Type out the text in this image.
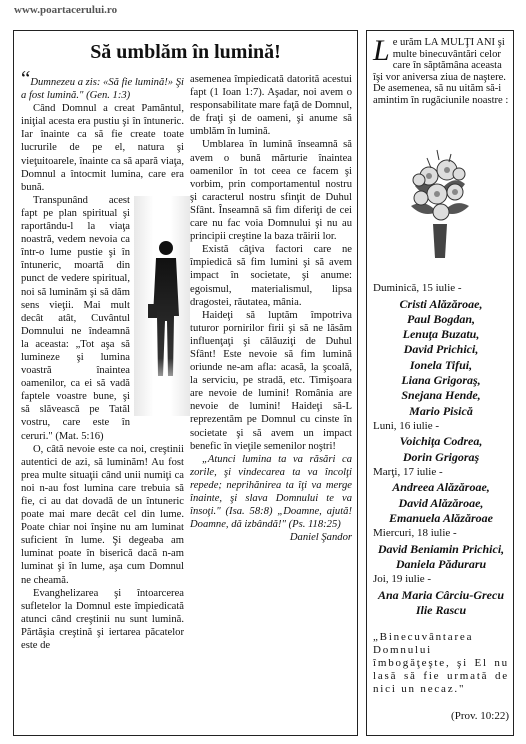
www.poartacerului.ro
Să umblăm în lumină!

“Dumnezeu a zis: «Să fie lumină!» Şi a fost lumină." (Gen. 1:3)

Când Domnul a creat Pamântul, iniţial acesta era pustiu şi în întuneric. Iar înainte ca să fie create toate lucrurile de pe el, natura şi vieţuitoarele, înainte ca să apară viaţa, Domnul a întocmit lumina, care era bună.

Transpunând acest fapt pe plan spiritual şi raportându-l la viaţa noastră, vedem nevoia ca într-o lume pustie şi în întuneric, moartă din punct de vedere spiritual, noi să luminăm şi să dăm sens vieţii. Mai mult decât atât, Cuvântul Domnului ne îndeamnă la aceasta: „Tot aşa să lumineze şi lumina voastră înaintea oamenilor, ca ei să vadă faptele voastre bune, şi să slăvească pe Tatăl vostru, care este în ceruri." (Mat. 5:16)

O, câtă nevoie este ca noi, creştinii autentici de azi, să luminăm! Au fost prea multe situaţii când unii numiţi ca noi n-au fost lumina care trebuia să fie, ci au dat dovadă de un întuneric poate mai mare decât cel din lume. Poate chiar noi înşine nu am luminat suficient în lume. Şi degeaba am luminat poate în biserică dacă n-am luminat şi în lume, aşa cum Domnul ne cheamă.

Evanghelizarea şi întoarcerea sufletelor la Domnul este împiedicată atunci când creştinii nu sunt lumină. Părtăşia creştină şi iertarea păcatelor este de

asemenea împiedicată datorită acestui fapt (1 Ioan 1:7). Aşadar, noi avem o responsabilitate mare faţă de Domnul, de fraţi şi de oameni, şi anume să umblăm în lumină.

Umblarea în lumină înseamnă să avem o bună mărturie înaintea oamenilor în tot ceea ce facem şi vorbim, prin comportamentul nostru şi caracterul nostru sfinţit de Duhul Sfânt. Înseamnă să fim diferiţi de cei care nu fac voia Domnului şi nu au principii creştine la baza trăirii lor.

Există câţiva factori care ne împiedică să fim lumini şi să avem impact în societate, şi anume: egoismul, materialismul, lipsa dragostei, răutatea, mânia.

Haideţi să luptăm împotriva tuturor pornirilor firii şi să ne lăsăm influenţaţi şi călăuziţi de Duhul Sfânt! Este nevoie să fim lumină oriunde ne-am afla: acasă, la şcoală, la serviciu, pe stradă, etc. Timişoara are nevoie de lumini! România are nevoie de lumini! Haideţi să-L reprezentăm pe Domnul cu cinste în societate şi să avem un impact benefic în vieţile semenilor noştri!

„Atunci lumina ta va răsări ca zorile, şi vindecarea ta va încolţi repede; neprihănirea ta îţi va merge înainte, şi slava Domnului te va însoţi." (Isa. 58:8) „Doamne, ajută! Doamne, dă izbândă!" (Ps. 118:25)

Daniel Şandor

Le urăm LA MULŢI ANI şi multe binecuvântări celor care în săptămâna aceasta îşi vor aniversa ziua de naştere. De asemenea, să nu uităm să-i amintim în rugăciunile noastre :

Duminică, 15 iulie -

Cristi Alăzăroae,
Paul Bogdan,
Lenuţa Buzatu,
David Prichici,
Ionela Tifui,
Liana Grigoraş,
Snejana Hende,
Mario Pisică

Luni, 16 iulie -

Voichiţa Codrea,
Dorin Grigoraş

Marţi, 17 iulie -

Andreea Alăzăroae,
David Alăzăroae,
Emanuela Alăzăroae

Miercuri, 18 iulie -

David Beniamin Prichici,
Daniela Păduraru

Joi, 19 iulie -

Ana Maria Cârciu-Grecu
Ilie Rascu
„Binecuvântarea Domnului îmbogăţeşte, şi El nu lasă să fie urmată de nici un necaz."
(Prov. 10:22)
